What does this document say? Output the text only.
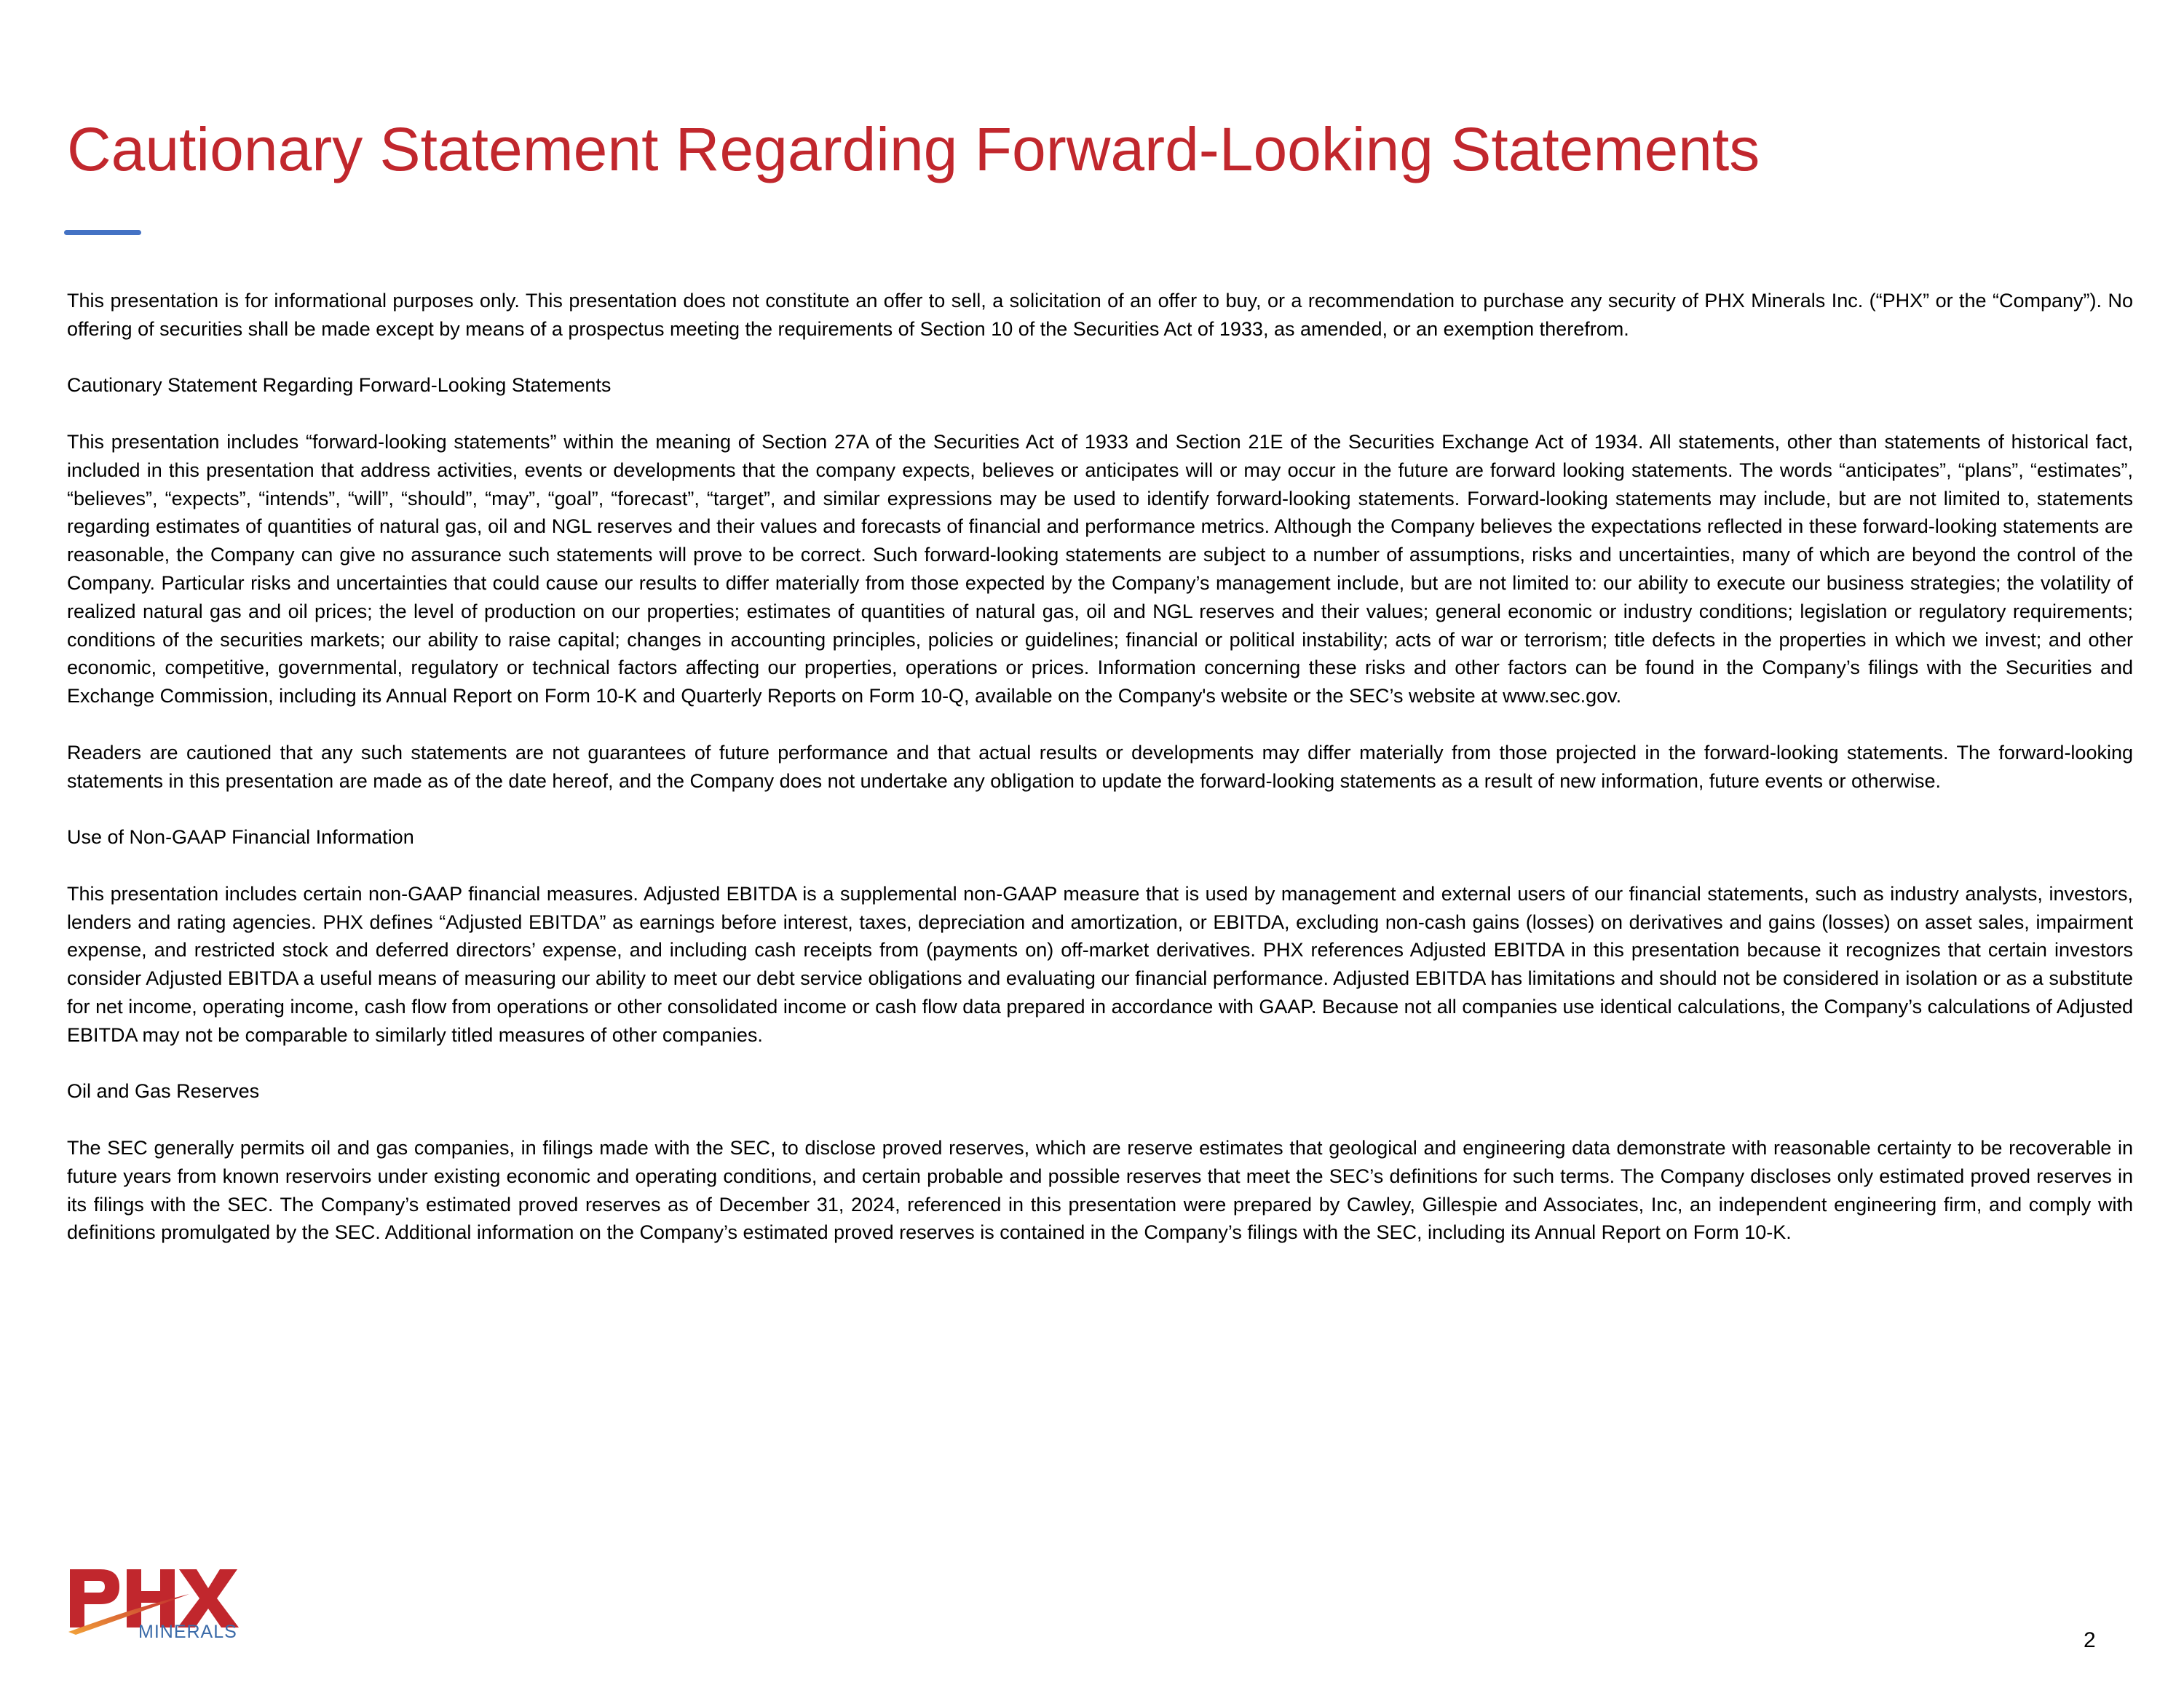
Cautionary Statement Regarding Forward-Looking Statements

This presentation is for informational purposes only. This presentation does not constitute an offer to sell, a solicitation of an offer to buy, or a recommendation to purchase any security of PHX Minerals Inc. (“PHX” or the “Company”). No offering of securities shall be made except by means of a prospectus meeting the requirements of Section 10 of the Securities Act of 1933, as amended, or an exemption therefrom.

Cautionary Statement Regarding Forward-Looking Statements

This presentation includes “forward-looking statements” within the meaning of Section 27A of the Securities Act of 1933 and Section 21E of the Securities Exchange Act of 1934. All statements, other than statements of historical fact, included in this presentation that address activities, events or developments that the company expects, believes or anticipates will or may occur in the future are forward looking statements. The words “anticipates”, “plans”, “estimates”, “believes”, “expects”, “intends”, “will”, “should”, “may”, “goal”, “forecast”, “target”, and similar expressions may be used to identify forward-looking statements. Forward-looking statements may include, but are not limited to, statements regarding estimates of quantities of natural gas, oil and NGL reserves and their values and forecasts of financial and performance metrics. Although the Company believes the expectations reflected in these forward-looking statements are reasonable, the Company can give no assurance such statements will prove to be correct. Such forward-looking statements are subject to a number of assumptions, risks and uncertainties, many of which are beyond the control of the Company. Particular risks and uncertainties that could cause our results to differ materially from those expected by the Company’s management include, but are not limited to: our ability to execute our business strategies; the volatility of realized natural gas and oil prices; the level of production on our properties; estimates of quantities of natural gas, oil and NGL reserves and their values; general economic or industry conditions; legislation or regulatory requirements; conditions of the securities markets; our ability to raise capital; changes in accounting principles, policies or guidelines; financial or political instability; acts of war or terrorism; title defects in the properties in which we invest; and other economic, competitive, governmental, regulatory or technical factors affecting our properties, operations or prices. Information concerning these risks and other factors can be found in the Company’s filings with the Securities and Exchange Commission, including its Annual Report on Form 10-K and Quarterly Reports on Form 10-Q, available on the Company's website or the SEC’s website at www.sec.gov.

Readers are cautioned that any such statements are not guarantees of future performance and that actual results or developments may differ materially from those projected in the forward-looking statements. The forward-looking statements in this presentation are made as of the date hereof, and the Company does not undertake any obligation to update the forward-looking statements as a result of new information, future events or otherwise.

Use of Non-GAAP Financial Information

This presentation includes certain non-GAAP financial measures. Adjusted EBITDA is a supplemental non-GAAP measure that is used by management and external users of our financial statements, such as industry analysts, investors, lenders and rating agencies. PHX defines “Adjusted EBITDA” as earnings before interest, taxes, depreciation and amortization, or EBITDA, excluding non-cash gains (losses) on derivatives and gains (losses) on asset sales, impairment expense, and restricted stock and deferred directors’ expense, and including cash receipts from (payments on) off-market derivatives. PHX references Adjusted EBITDA in this presentation because it recognizes that certain investors consider Adjusted EBITDA a useful means of measuring our ability to meet our debt service obligations and evaluating our financial performance. Adjusted EBITDA has limitations and should not be considered in isolation or as a substitute for net income, operating income, cash flow from operations or other consolidated income or cash flow data prepared in accordance with GAAP. Because not all companies use identical calculations, the Company’s calculations of Adjusted EBITDA may not be comparable to similarly titled measures of other companies.

Oil and Gas Reserves

The SEC generally permits oil and gas companies, in filings made with the SEC, to disclose proved reserves, which are reserve estimates that geological and engineering data demonstrate with reasonable certainty to be recoverable in future years from known reservoirs under existing economic and operating conditions, and certain probable and possible reserves that meet the SEC’s definitions for such terms. The Company discloses only estimated proved reserves in its filings with the SEC. The Company’s estimated proved reserves as of December 31, 2024, referenced in this presentation were prepared by Cawley, Gillespie and Associates, Inc, an independent engineering firm, and comply with definitions promulgated by the SEC. Additional information on the Company’s estimated proved reserves is contained in the Company’s filings with the SEC, including its Annual Report on Form 10-K.

MINERALS	2
